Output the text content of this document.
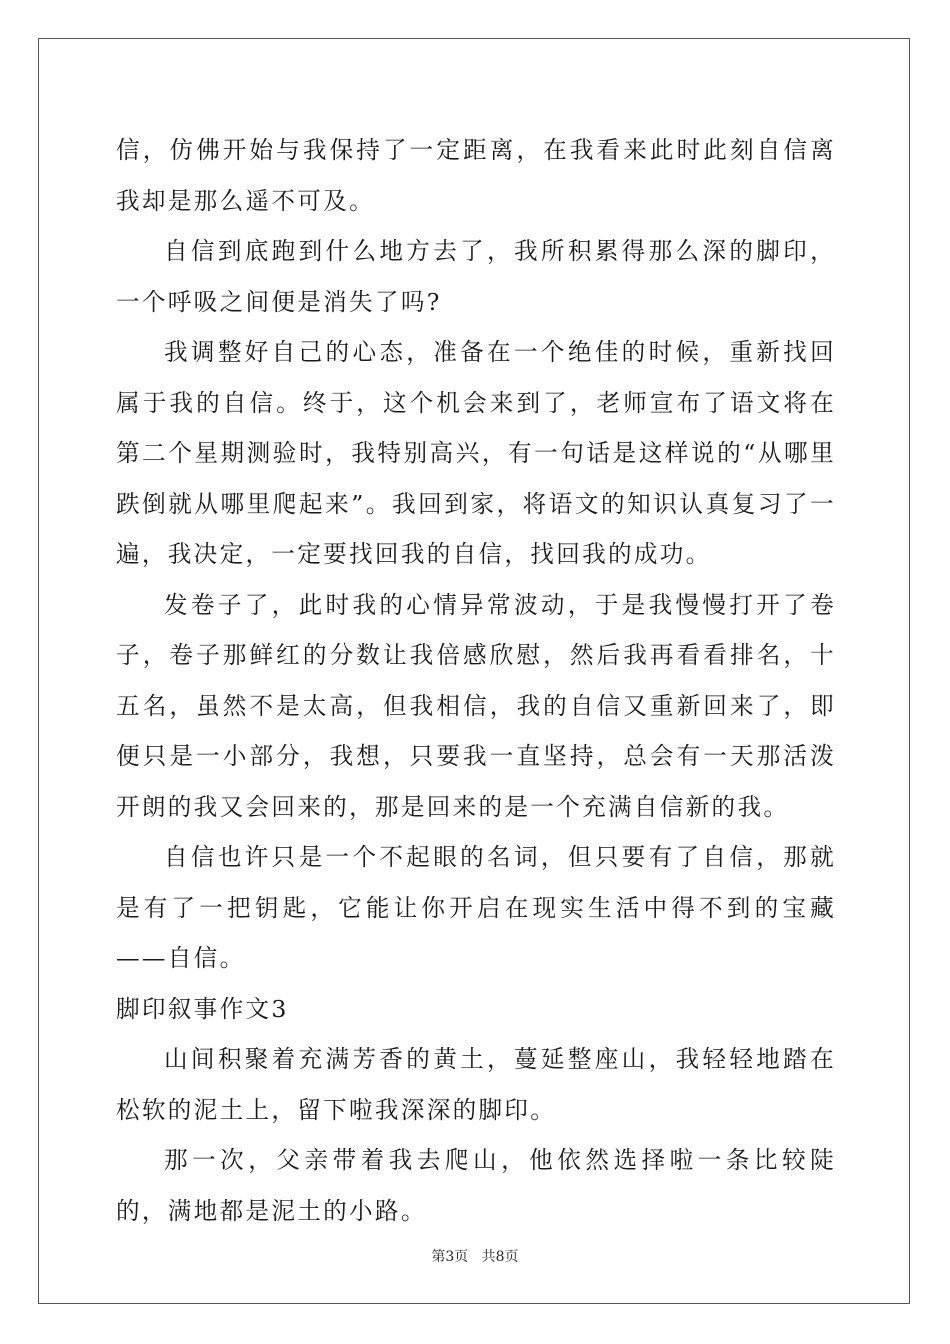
信，仿佛开始与我保持了一定距离，在我看来此时此刻自信离我却是那么遥不可及。

自信到底跑到什么地方去了，我所积累得那么深的脚印，一个呼吸之间便是消失了吗?

我调整好自己的心态，准备在一个绝佳的时候，重新找回属于我的自信。终于，这个机会来到了，老师宣布了语文将在第二个星期测验时，我特别高兴，有一句话是这样说的“从哪里跌倒就从哪里爬起来”。我回到家，将语文的知识认真复习了一遍，我决定，一定要找回我的自信，找回我的成功。

发卷子了，此时我的心情异常波动，于是我慢慢打开了卷子，卷子那鲜红的分数让我倍感欣慰，然后我再看看排名，十五名，虽然不是太高，但我相信，我的自信又重新回来了，即便只是一小部分，我想，只要我一直坚持，总会有一天那活泼开朗的我又会回来的，那是回来的是一个充满自信新的我。

自信也许只是一个不起眼的名词，但只要有了自信，那就是有了一把钥匙，它能让你开启在现实生活中得不到的宝藏——自信。

脚印叙事作文3

山间积聚着充满芳香的黄土，蔓延整座山，我轻轻地踏在松软的泥土上，留下啦我深深的脚印。

那一次，父亲带着我去爬山，他依然选择啦一条比较陡的，满地都是泥土的小路。

第3页 共8页
